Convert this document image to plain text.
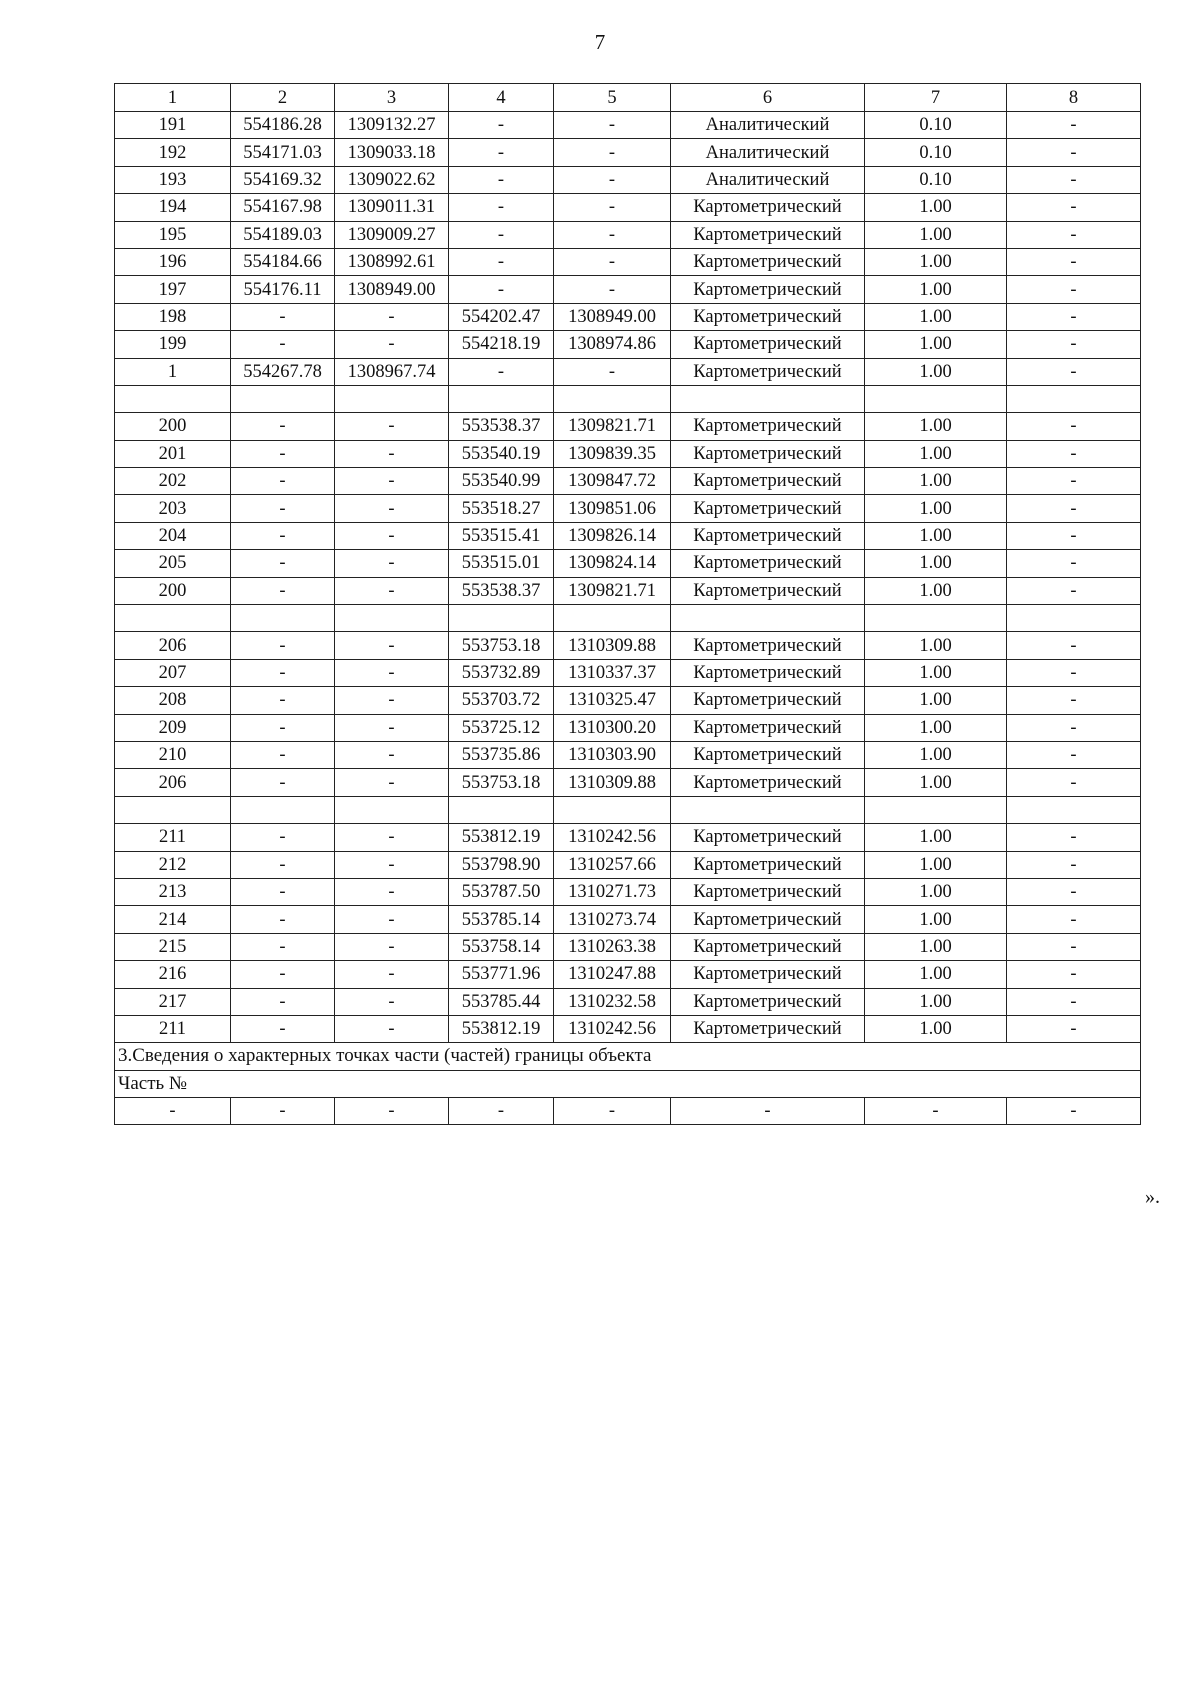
7
1	2	3	4	5	6	7	8
191	554186.28	1309132.27	-	-	Аналитический	0.10	-
192	554171.03	1309033.18	-	-	Аналитический	0.10	-
193	554169.32	1309022.62	-	-	Аналитический	0.10	-
194	554167.98	1309011.31	-	-	Картометрический	1.00	-
195	554189.03	1309009.27	-	-	Картометрический	1.00	-
196	554184.66	1308992.61	-	-	Картометрический	1.00	-
197	554176.11	1308949.00	-	-	Картометрический	1.00	-
198	-	-	554202.47	1308949.00	Картометрический	1.00	-
199	-	-	554218.19	1308974.86	Картометрический	1.00	-
1	554267.78	1308967.74	-	-	Картометрический	1.00	-

200	-	-	553538.37	1309821.71	Картометрический	1.00	-
201	-	-	553540.19	1309839.35	Картометрический	1.00	-
202	-	-	553540.99	1309847.72	Картометрический	1.00	-
203	-	-	553518.27	1309851.06	Картометрический	1.00	-
204	-	-	553515.41	1309826.14	Картометрический	1.00	-
205	-	-	553515.01	1309824.14	Картометрический	1.00	-
200	-	-	553538.37	1309821.71	Картометрический	1.00	-

206	-	-	553753.18	1310309.88	Картометрический	1.00	-
207	-	-	553732.89	1310337.37	Картометрический	1.00	-
208	-	-	553703.72	1310325.47	Картометрический	1.00	-
209	-	-	553725.12	1310300.20	Картометрический	1.00	-
210	-	-	553735.86	1310303.90	Картометрический	1.00	-
206	-	-	553753.18	1310309.88	Картометрический	1.00	-

211	-	-	553812.19	1310242.56	Картометрический	1.00	-
212	-	-	553798.90	1310257.66	Картометрический	1.00	-
213	-	-	553787.50	1310271.73	Картометрический	1.00	-
214	-	-	553785.14	1310273.74	Картометрический	1.00	-
215	-	-	553758.14	1310263.38	Картометрический	1.00	-
216	-	-	553771.96	1310247.88	Картометрический	1.00	-
217	-	-	553785.44	1310232.58	Картометрический	1.00	-
211	-	-	553812.19	1310242.56	Картометрический	1.00	-
3.Сведения о характерных точках части (частей) границы объекта							
Часть №							
-	-	-	-	-	-	-	-
».
